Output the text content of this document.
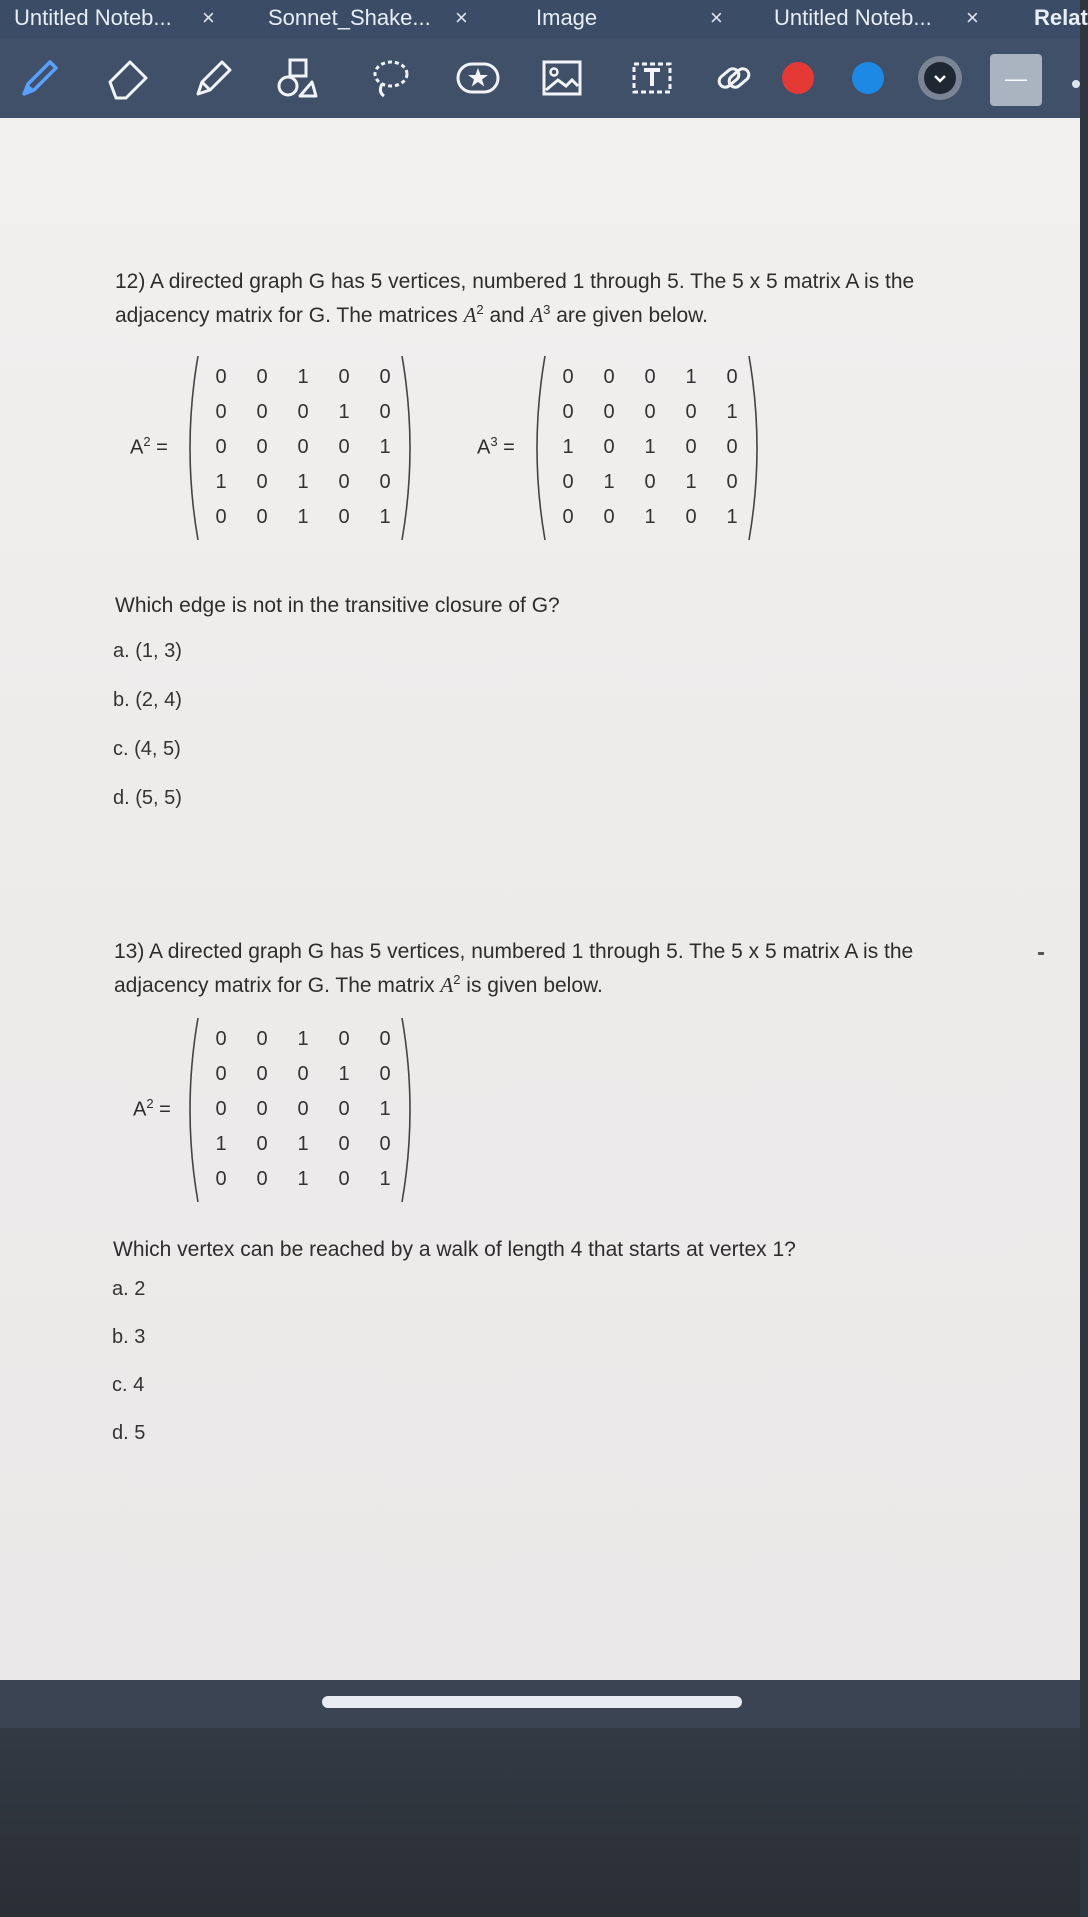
Untitled Noteb... × Sonnet_Shake... ×	Image	× Untitled Noteb... ×	Relat
—
12) A directed graph G has 5 vertices, numbered 1 through 5. The 5 x 5 matrix A is the
adjacency matrix for G. The matrices $A^2$ and $A^3$ are given below.
$A^2$ =
0	0	1	0	0
0	0	0	1	0
0	0	0	0	1
1	0	1	0	0
0	0	1	0	1
$A^3$ =
0	0	0	1	0
0	0	0	0	1
1	0	1	0	0
0	1	0	1	0
0	0	1	0	1
Which edge is not in the transitive closure of G?
a. (1, 3)
b. (2, 4)
c. (4, 5)
d. (5, 5)
13) A directed graph G has 5 vertices, numbered 1 through 5. The 5 x 5 matrix A is the
adjacency matrix for G. The matrix $A^2$ is given below.
$A^2$ =
0	0	1	0	0
0	0	0	1	0
0	0	0	0	1
1	0	1	0	0
0	0	1	0	1
Which vertex can be reached by a walk of length 4 that starts at vertex 1?
a. 2
b. 3
c. 4
d. 5
